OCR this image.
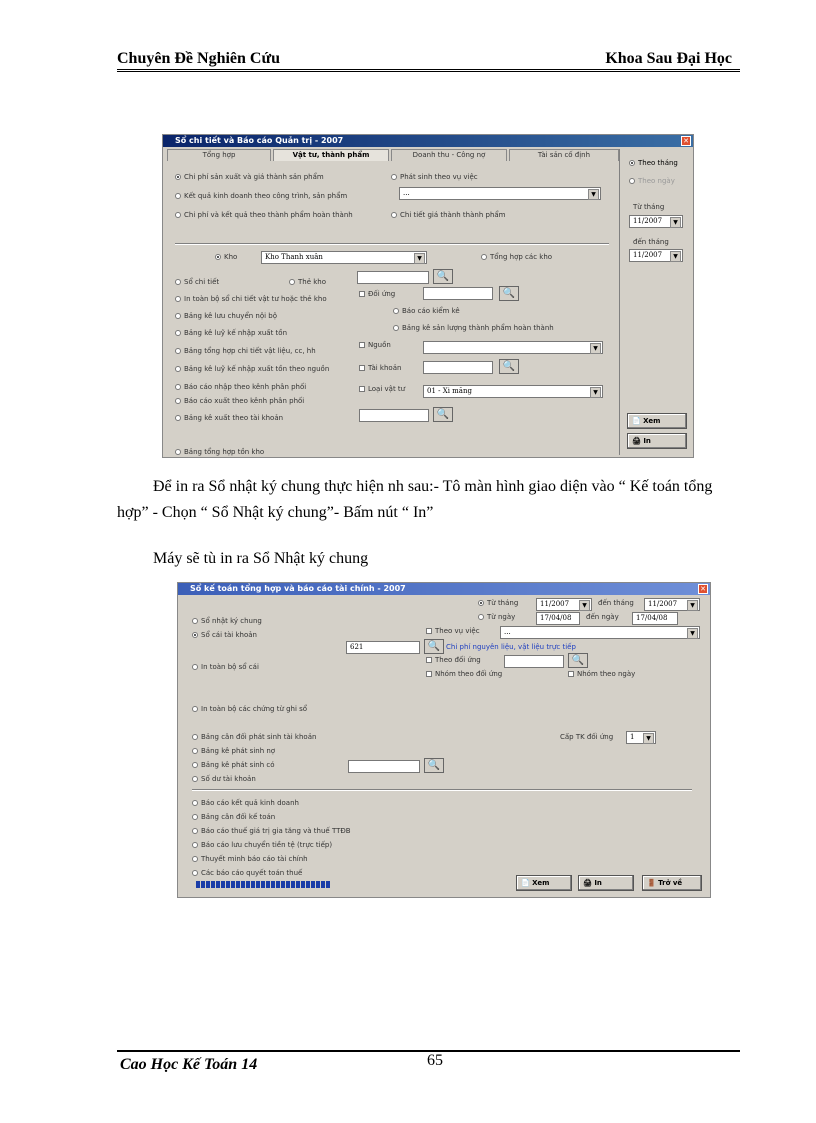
Chuyên Đề Nghiên Cứu	Khoa Sau Đại Học
Sổ chi tiết và Báo cáo Quản trị - 2007	✕
Tổng hợp	Vật tư, thành phẩm	Doanh thu - Công nợ	Tài sản cố định
Chi phí sản xuất và giá thành sản phẩm
Kết quả kinh doanh theo công trình, sản phẩm
Chi phí và kết quả theo thành phẩm hoàn thành
Phát sinh theo vụ việc
... ▼
Chi tiết giá thành thành phẩm
Kho	Kho Thanh xuân ▼	Tổng hợp các kho
Sổ chi tiết	Thẻ kho	🔍
In toàn bộ sổ chi tiết vật tư hoặc thẻ kho
Đối ứng	🔍
Bảng kê lưu chuyển nội bộ
Báo cáo kiểm kê
Bảng kê luỹ kế nhập xuất tồn
Bảng kê sản lượng thành phẩm hoàn thành
Bảng tổng hợp chi tiết vật liệu, cc, hh
Nguồn
▼
Bảng kê luỹ kế nhập xuất tồn theo nguồn	Tài khoản	🔍
Báo cáo nhập theo kênh phân phối	Loại vật tư	01 - Xi măng ▼
Báo cáo xuất theo kênh phân phối
Bảng kê xuất theo tài khoản	🔍
Bảng tổng hợp tồn kho
Theo tháng
Theo ngày
Từ tháng
11/2007 ▼
đến tháng
11/2007 ▼
📄 Xem
🖨 In
Để in ra Sổ nhật ký chung thực hiện nh sau:- Tô màn hình giao diện vào “ Kế toán tổng hợp” - Chọn “ Sổ Nhật ký chung”- Bấm nút “ In”
Máy sẽ tù in ra Sổ Nhật ký chung
Sổ kế toán tổng hợp và báo cáo tài chính - 2007	✕
Từ tháng	11/2007 ▼	đến tháng	11/2007 ▼
Từ ngày	17/04/08	đến ngày	17/04/08
Sổ nhật ký chung
Sổ cái tài khoản
621	🔍 Chi phí nguyên liệu, vật liệu trực tiếp
Theo vụ việc	... ▼
Theo đối ứng	🔍
Nhóm theo đối ứng	Nhóm theo ngày
In toàn bộ sổ cái
In toàn bộ các chứng từ ghi sổ
Bảng cân đối phát sinh tài khoản
Bảng kê phát sinh nợ
Bảng kê phát sinh có	🔍
Số dư tài khoản
Cấp TK đối ứng	1 ▼
Báo cáo kết quả kinh doanh
Bảng cân đối kế toán
Báo cáo thuế giá trị gia tăng và thuế TTĐB
Báo cáo lưu chuyển tiền tệ (trực tiếp)
Thuyết minh báo cáo tài chính
Các báo cáo quyết toán thuế
📄 Xem	🖨 In	🚪 Trở về
Cao Học Kế Toán 14	65
